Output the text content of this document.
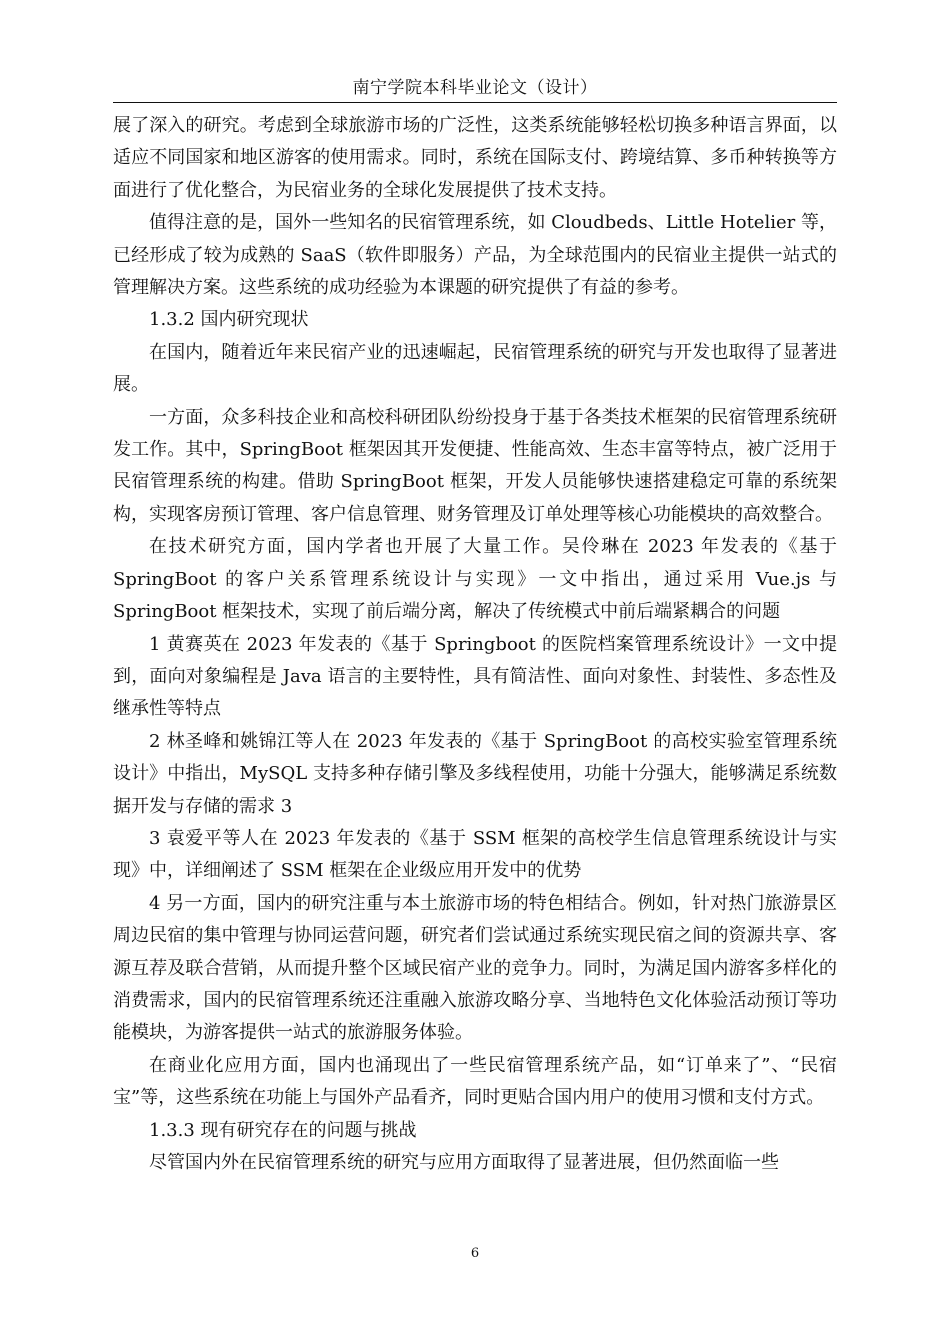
南宁学院本科毕业论文（设计）

展了深入的研究。考虑到全球旅游市场的广泛性，这类系统能够轻松切换多种语言界面，以适应不同国家和地区游客的使用需求。同时，系统在国际支付、跨境结算、多币种转换等方面进行了优化整合，为民宿业务的全球化发展提供了技术支持。

值得注意的是，国外一些知名的民宿管理系统，如 Cloudbeds、Little Hotelier 等，已经形成了较为成熟的 SaaS（软件即服务）产品，为全球范围内的民宿业主提供一站式的管理解决方案。这些系统的成功经验为本课题的研究提供了有益的参考。

1.3.2 国内研究现状

在国内，随着近年来民宿产业的迅速崛起，民宿管理系统的研究与开发也取得了显著进展。

一方面，众多科技企业和高校科研团队纷纷投身于基于各类技术框架的民宿管理系统研发工作。其中，SpringBoot 框架因其开发便捷、性能高效、生态丰富等特点，被广泛用于民宿管理系统的构建。借助 SpringBoot 框架，开发人员能够快速搭建稳定可靠的系统架构，实现客房预订管理、客户信息管理、财务管理及订单处理等核心功能模块的高效整合。

在技术研究方面，国内学者也开展了大量工作。吴伶琳在 2023 年发表的《基于 SpringBoot 的客户关系管理系统设计与实现》一文中指出，通过采用 Vue.js 与 SpringBoot 框架技术，实现了前后端分离，解决了传统模式中前后端紧耦合的问题

1 黄赛英在 2023 年发表的《基于 Springboot 的医院档案管理系统设计》一文中提到，面向对象编程是 Java 语言的主要特性，具有简洁性、面向对象性、封装性、多态性及继承性等特点

2 林圣峰和姚锦江等人在 2023 年发表的《基于 SpringBoot 的高校实验室管理系统设计》中指出，MySQL 支持多种存储引擎及多线程使用，功能十分强大，能够满足系统数据开发与存储的需求 3

3 袁爱平等人在 2023 年发表的《基于 SSM 框架的高校学生信息管理系统设计与实现》中，详细阐述了 SSM 框架在企业级应用开发中的优势

4 另一方面，国内的研究注重与本土旅游市场的特色相结合。例如，针对热门旅游景区周边民宿的集中管理与协同运营问题，研究者们尝试通过系统实现民宿之间的资源共享、客源互荐及联合营销，从而提升整个区域民宿产业的竞争力。同时，为满足国内游客多样化的消费需求，国内的民宿管理系统还注重融入旅游攻略分享、当地特色文化体验活动预订等功能模块，为游客提供一站式的旅游服务体验。

在商业化应用方面，国内也涌现出了一些民宿管理系统产品，如“订单来了”、“民宿宝”等，这些系统在功能上与国外产品看齐，同时更贴合国内用户的使用习惯和支付方式。

1.3.3 现有研究存在的问题与挑战

尽管国内外在民宿管理系统的研究与应用方面取得了显著进展，但仍然面临一些

6
